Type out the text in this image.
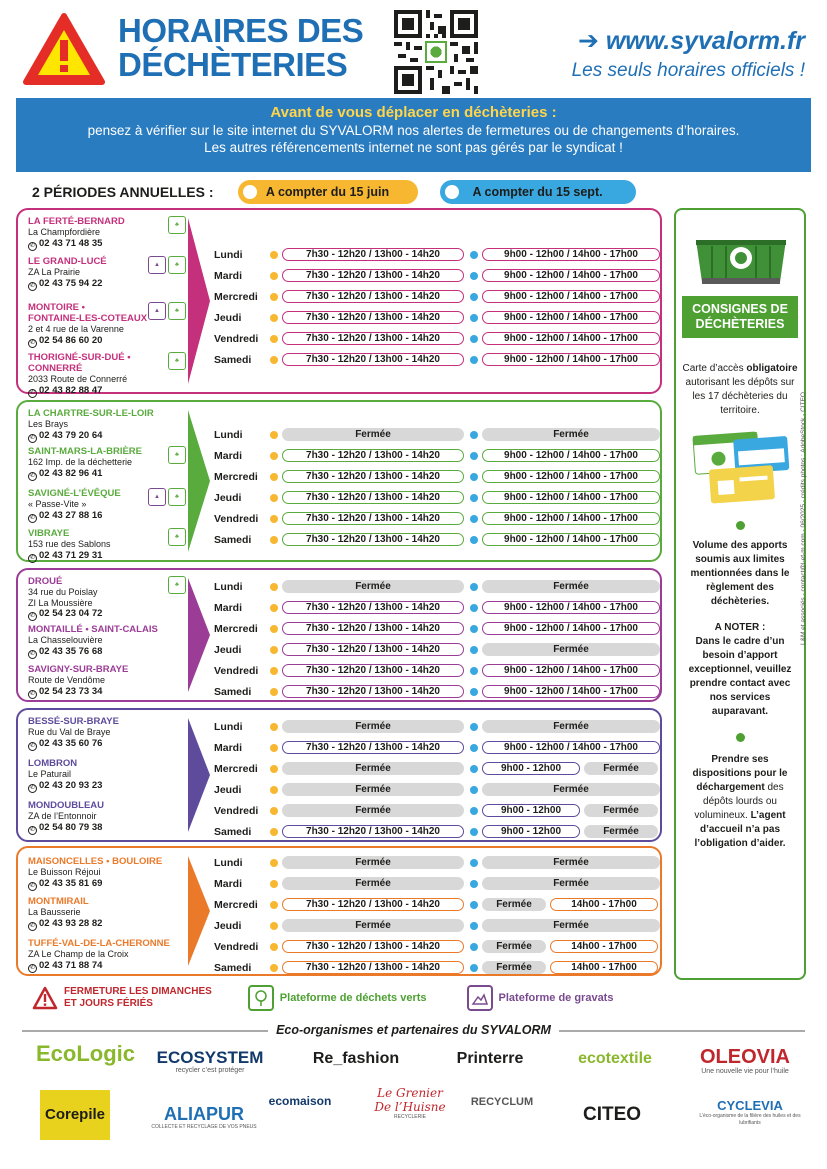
HORAIRES DES
DÉCHÈTERIES
➔ www.syvalorm.fr
Les seuls horaires officiels !
Avant de vous déplacer en déchèteries :
pensez à vérifier sur le site internet du SYVALORM nos alertes de fermetures ou de changements d’horaires.
Les autres référencements internet ne sont pas gérés par le syndicat !
2 PÉRIODES ANNUELLES :	A compter du 15 juin	A compter du 15 sept.
LA FERTÉ-BERNARD
La Champfordière
✆ 02 43 71 48 35
♣
LE GRAND-LUCÉ
ZA La Prairie
✆ 02 43 75 94 22
▲	♣
MONTOIRE •
FONTAINE-LES-COTEAUX
2 et 4 rue de la Varenne
✆ 02 54 86 60 20
▲	♣
THORIGNÉ-SUR-DUÉ •
CONNERRÉ
2033 Route de Connerré
✆ 02 43 82 88 47
♣
Lundi	7h30 - 12h20 / 13h00 - 14h20	9h00 - 12h00 / 14h00 - 17h00
Mardi	7h30 - 12h20 / 13h00 - 14h20	9h00 - 12h00 / 14h00 - 17h00
Mercredi	7h30 - 12h20 / 13h00 - 14h20	9h00 - 12h00 / 14h00 - 17h00
Jeudi	7h30 - 12h20 / 13h00 - 14h20	9h00 - 12h00 / 14h00 - 17h00
Vendredi	7h30 - 12h20 / 13h00 - 14h20	9h00 - 12h00 / 14h00 - 17h00
Samedi	7h30 - 12h20 / 13h00 - 14h20	9h00 - 12h00 / 14h00 - 17h00
LA CHARTRE-SUR-LE-LOIR
Les Brays
✆ 02 43 79 20 64
SAINT-MARS-LA-BRIÈRE
162 Imp. de la déchetterie
✆ 02 43 82 96 41
♣
SAVIGNÉ-L’ÉVÊQUE
« Passe-Vite »
✆ 02 43 27 88 16
▲	♣
VIBRAYE
153 rue des Sablons
✆ 02 43 71 29 31
♣
Lundi	Fermée	Fermée
Mardi	7h30 - 12h20 / 13h00 - 14h20	9h00 - 12h00 / 14h00 - 17h00
Mercredi	7h30 - 12h20 / 13h00 - 14h20	9h00 - 12h00 / 14h00 - 17h00
Jeudi	7h30 - 12h20 / 13h00 - 14h20	9h00 - 12h00 / 14h00 - 17h00
Vendredi	7h30 - 12h20 / 13h00 - 14h20	9h00 - 12h00 / 14h00 - 17h00
Samedi	7h30 - 12h20 / 13h00 - 14h20	9h00 - 12h00 / 14h00 - 17h00
DROUÉ
34 rue du Poislay
ZI La Moussière
✆ 02 54 23 04 72
♣
MONTAILLÉ • SAINT-CALAIS
La Chasselouvière
✆ 02 43 35 76 68
SAVIGNY-SUR-BRAYE
Route de Vendôme
✆ 02 54 23 73 34
Lundi	Fermée	Fermée
Mardi	7h30 - 12h20 / 13h00 - 14h20	9h00 - 12h00 / 14h00 - 17h00
Mercredi	7h30 - 12h20 / 13h00 - 14h20	9h00 - 12h00 / 14h00 - 17h00
Jeudi	7h30 - 12h20 / 13h00 - 14h20	Fermée
Vendredi	7h30 - 12h20 / 13h00 - 14h20	9h00 - 12h00 / 14h00 - 17h00
Samedi	7h30 - 12h20 / 13h00 - 14h20	9h00 - 12h00 / 14h00 - 17h00
BESSÉ-SUR-BRAYE
Rue du Val de Braye
✆ 02 43 35 60 76
LOMBRON
Le Paturail
✆ 02 43 20 93 23
MONDOUBLEAU
ZA de l’Entonnoir
✆ 02 54 80 79 38
Lundi	Fermée	Fermée
Mardi	7h30 - 12h20 / 13h00 - 14h20	9h00 - 12h00 / 14h00 - 17h00
Mercredi	Fermée	9h00 - 12h00	Fermée
Jeudi	Fermée	Fermée
Vendredi	Fermée	9h00 - 12h00	Fermée
Samedi	7h30 - 12h20 / 13h00 - 14h20	9h00 - 12h00	Fermée
MAISONCELLES • BOULOIRE
Le Buisson Réjoui
✆ 02 43 35 81 69
MONTMIRAIL
La Bausserie
✆ 02 43 93 28 82
TUFFÉ-VAL-DE-LA-CHERONNE
ZA Le Champ de la Croix
✆ 02 43 71 88 74
Lundi	Fermée	Fermée
Mardi	Fermée	Fermée
Mercredi	7h30 - 12h20 / 13h00 - 14h20	Fermée	14h00 - 17h00
Jeudi	Fermée	Fermée
Vendredi	7h30 - 12h20 / 13h00 - 14h20	Fermée	14h00 - 17h00
Samedi	7h30 - 12h20 / 13h00 - 14h20	Fermée	14h00 - 17h00
CONSIGNES DE DÉCHÈTERIES

Carte d’accès obligatoire autorisant les dépôts sur les 17 déchèteries du territoire.

Volume des apports soumis aux limites mentionnées dans le règlement des déchèteries.

A NOTER :

Dans le cadre d’un besoin d’apport exceptionnel, veuillez prendre contact avec nos services auparavant.

Prendre ses dispositions pour le déchargement des dépôts lourds ou volumineux. L’agent d’accueil n’a pas l’obligation d’aider.

L&M et associés - contact@l-et-m.com - 06/2025 - crédits photos : AdobeStock - CITEO
FERMETURE LES DIMANCHES
ET JOURS FÉRIÉS	Plateforme de déchets verts	Plateforme de gravats
Eco-organismes et partenaires du SYVALORM
EcoLogic	ECOSYSTEM
recycler c’est protéger
Re_fashion	Printerre	ecotextile	OLEOVIA
Une nouvelle vie pour l’huile
Corepile	ALIAPUR
COLLECTE ET RECYCLAGE DE VOS PNEUS
ecomaison
Le Grenier De l’Huisne
RECYCLERIE
RECYCLUM
CITEO	CYCLEVIA
L’éco-organisme de la filière des huiles et des lubrifiants
